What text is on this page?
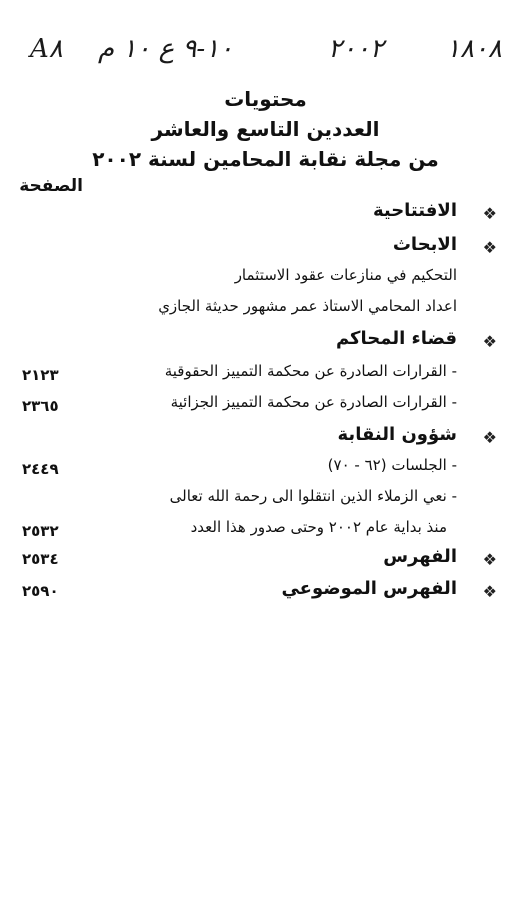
A‎٨ ١٠-٩ ع ١٠ م	٢٠٠٢ ١٨٠٨
محتويات
العددين التاسع والعاشر
من مجلة نقابة المحامين لسنة ٢٠٠٢
الصفحة
❖
الافتتاحية
❖
الابحاث
التحكيم في منازعات عقود الاستثمار
اعداد المحامي الاستاذ عمر مشهور حديثة الجازي
❖
قضاء المحاكم
- القرارات الصادرة عن محكمة التمييز الحقوقية
٢١٢٣
- القرارات الصادرة عن محكمة التمييز الجزائية
٢٣٦٥
❖
شؤون النقابة
- الجلسات (٦٢ - ٧٠)
٢٤٤٩
- نعي الزملاء الذين انتقلوا الى رحمة الله تعالى
منذ بداية عام ٢٠٠٢ وحتى صدور هذا العدد
٢٥٣٢
❖
الفهرس
٢٥٣٤
❖
الفهرس الموضوعي
٢٥٩٠
